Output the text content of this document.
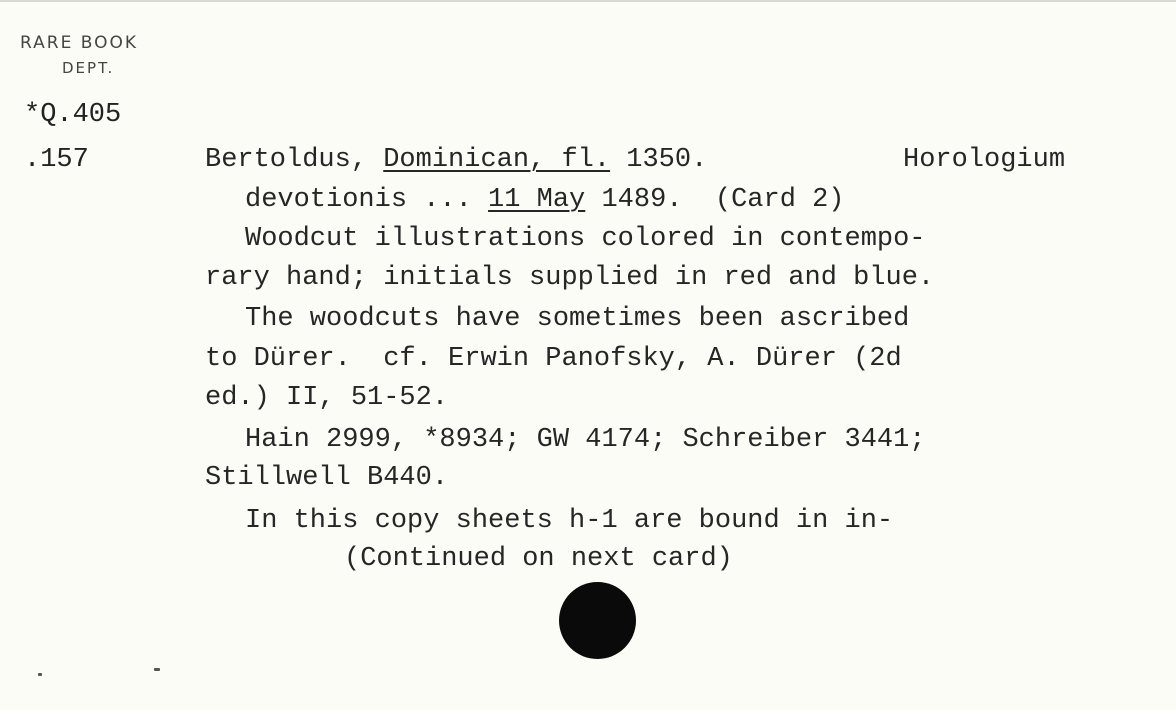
RARE BOOK
DEPT.
*Q.405
.157	Bertoldus, Dominican, fl. 1350.	Horologium
devotionis ... 11 May 1489.  (Card 2)
Woodcut illustrations colored in contempo-
rary hand; initials supplied in red and blue.
The woodcuts have sometimes been ascribed
to Dürer.  cf. Erwin Panofsky, A. Dürer (2d
ed.) II, 51-52.
Hain 2999, *8934; GW 4174; Schreiber 3441;
Stillwell B440.
In this copy sheets h-1 are bound in in-
(Continued on next card)
